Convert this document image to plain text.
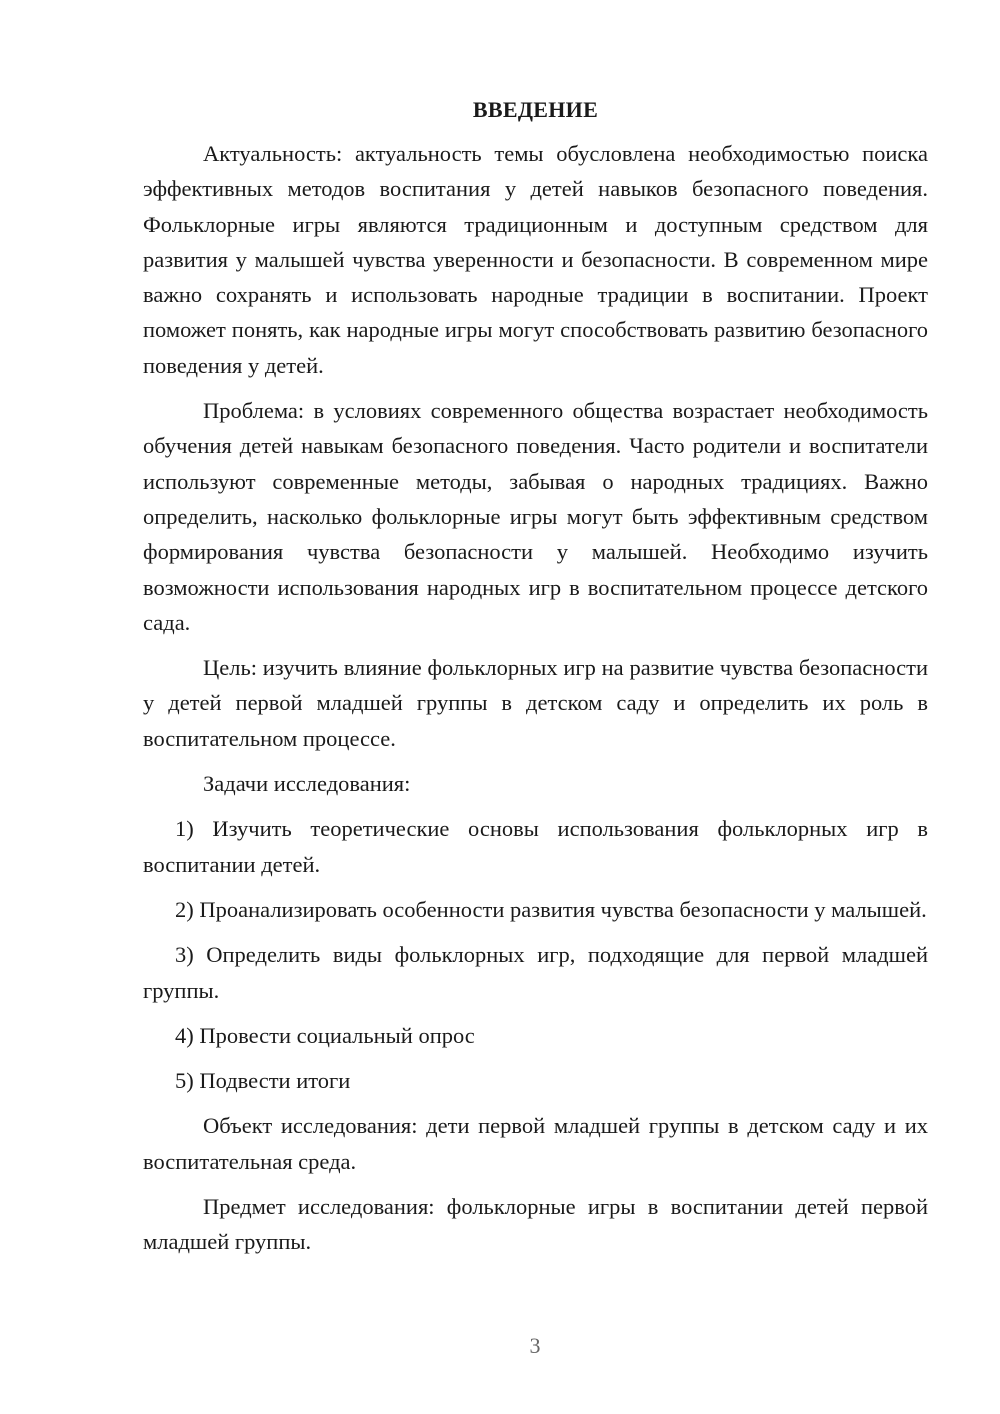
ВВЕДЕНИЕ

Актуальность: актуальность темы обусловлена необходимостью поиска эффективных методов воспитания у детей навыков безопасного поведения. Фольклорные игры являются традиционным и доступным средством для развития у малышей чувства уверенности и безопасности. В современном мире важно сохранять и использовать народные традиции в воспитании. Проект поможет понять, как народные игры могут способствовать развитию безопасного поведения у детей.

Проблема: в условиях современного общества возрастает необходимость обучения детей навыкам безопасного поведения. Часто родители и воспитатели используют современные методы, забывая о народных традициях. Важно определить, насколько фольклорные игры могут быть эффективным средством формирования чувства безопасности у малышей. Необходимо изучить возможности использования народных игр в воспитательном процессе детского сада.

Цель: изучить влияние фольклорных игр на развитие чувства безопасности у детей первой младшей группы в детском саду и определить их роль в воспитательном процессе.

Задачи исследования:

1) Изучить теоретические основы использования фольклорных игр в воспитании детей.

2) Проанализировать особенности развития чувства безопасности у малышей.

3) Определить виды фольклорных игр, подходящие для первой младшей группы.

4) Провести социальный опрос

5) Подвести итоги

Объект исследования: дети первой младшей группы в детском саду и их воспитательная среда.

Предмет исследования: фольклорные игры в воспитании детей первой младшей группы.

3
